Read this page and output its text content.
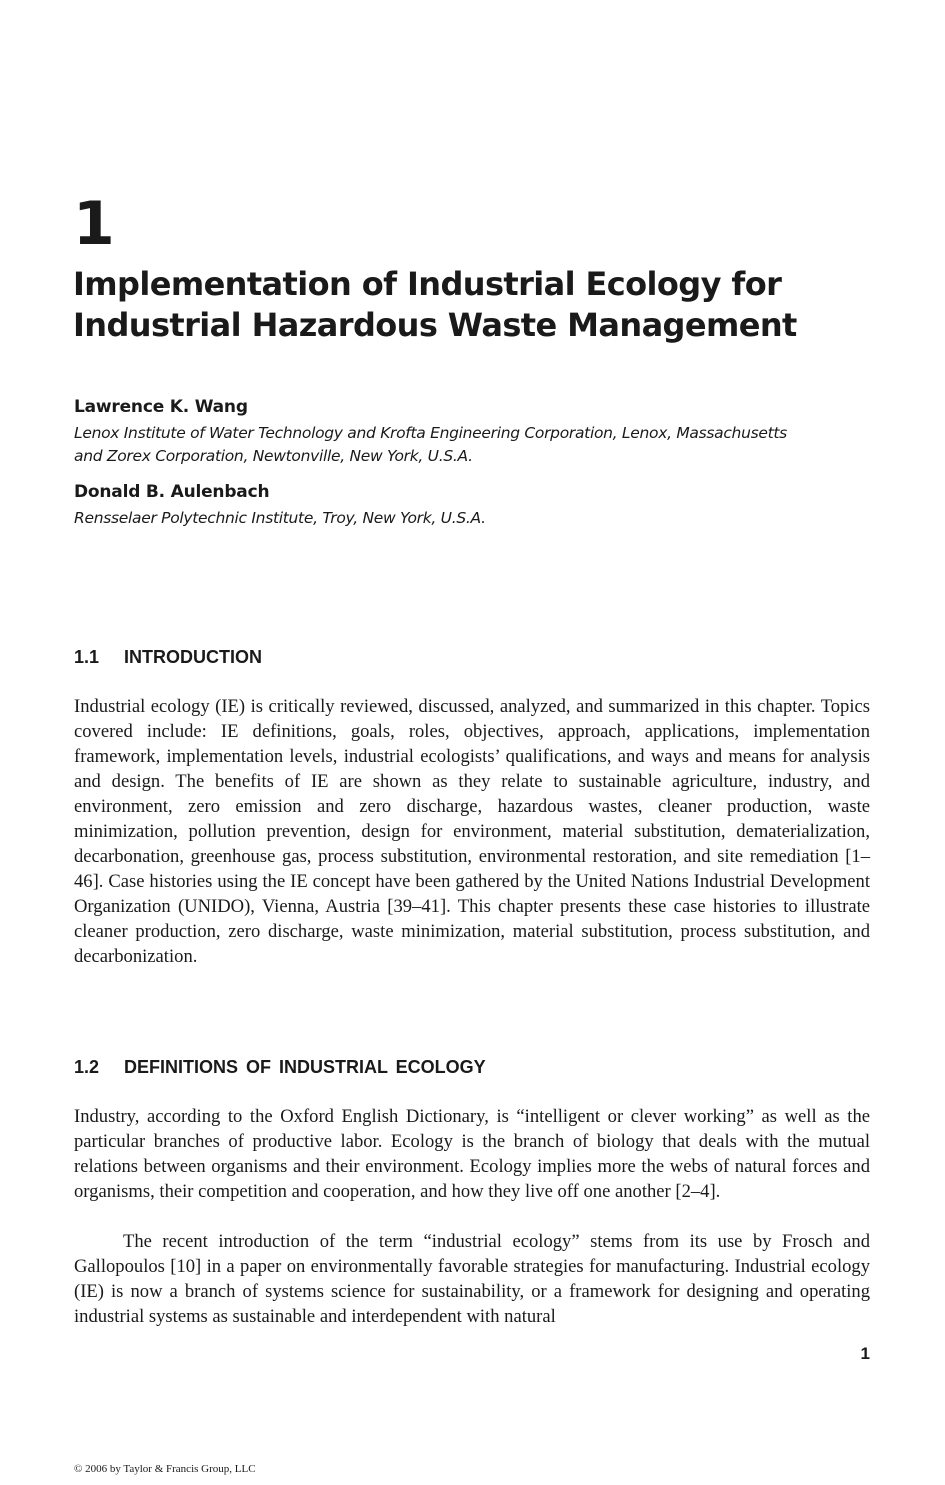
1
Implementation of Industrial Ecology for
Industrial Hazardous Waste Management
Lawrence K. Wang
Lenox Institute of Water Technology and Krofta Engineering Corporation, Lenox, Massachusetts
and Zorex Corporation, Newtonville, New York, U.S.A.
Donald B. Aulenbach
Rensselaer Polytechnic Institute, Troy, New York, U.S.A.
1.1 INTRODUCTION

Industrial ecology (IE) is critically reviewed, discussed, analyzed, and summarized in this chapter. Topics covered include: IE definitions, goals, roles, objectives, approach, applications, implementation framework, implementation levels, industrial ecologists’ qualifications, and ways and means for analysis and design. The benefits of IE are shown as they relate to sustainable agriculture, industry, and environment, zero emission and zero discharge, hazardous wastes, cleaner production, waste minimization, pollution prevention, design for environment, material substitution, dematerialization, decarbonation, greenhouse gas, process substitution, environmental restoration, and site remediation [1–46]. Case histories using the IE concept have been gathered by the United Nations Industrial Development Organization (UNIDO), Vienna, Austria [39–41]. This chapter presents these case histories to illustrate cleaner production, zero discharge, waste minimization, material substitution, process substitution, and decarbonization.

1.2 DEFINITIONS OF INDUSTRIAL ECOLOGY

Industry, according to the Oxford English Dictionary, is “intelligent or clever working” as well as the particular branches of productive labor. Ecology is the branch of biology that deals with the mutual relations between organisms and their environment. Ecology implies more the webs of natural forces and organisms, their competition and cooperation, and how they live off one another [2–4].

The recent introduction of the term “industrial ecology” stems from its use by Frosch and Gallopoulos [10] in a paper on environmentally favorable strategies for manufacturing. Industrial ecology (IE) is now a branch of systems science for sustainability, or a framework for designing and operating industrial systems as sustainable and interdependent with natural

1
© 2006 by Taylor & Francis Group, LLC
